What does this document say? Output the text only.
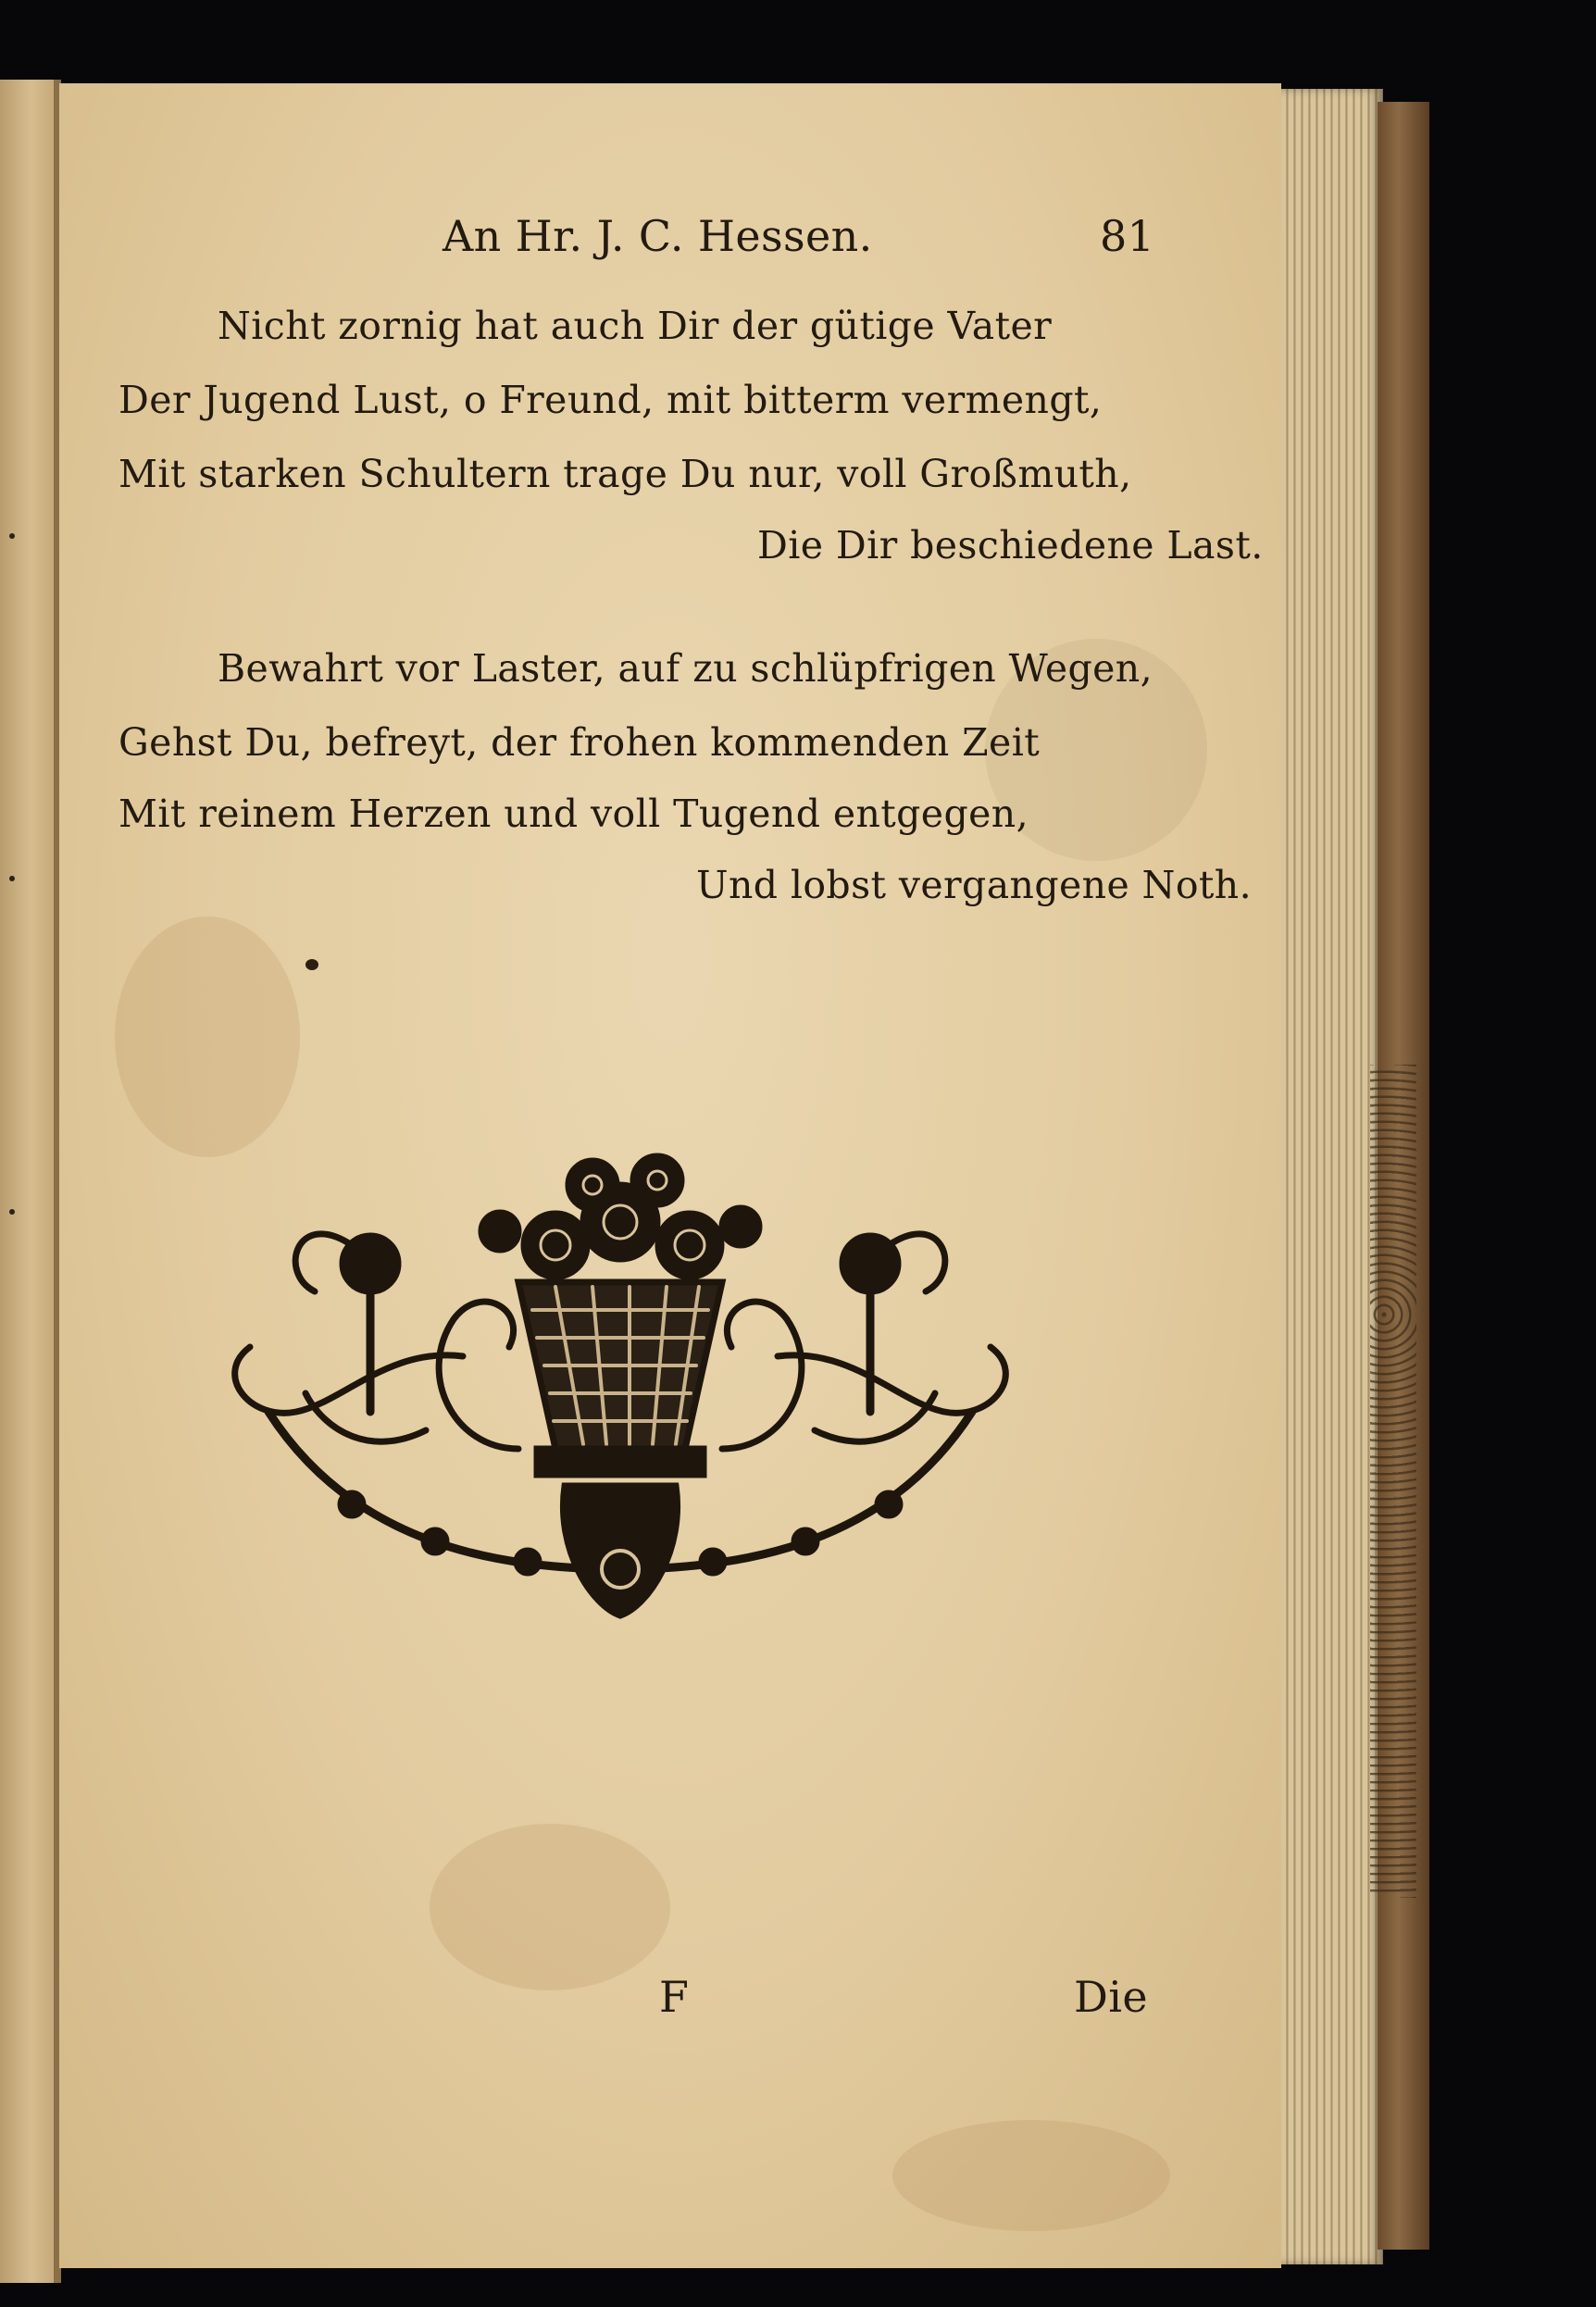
An Hr. J. C. Hessen.	81
Nicht zornig hat auch Dir der gütige Vater
Der Jugend Lust, o Freund, mit bitterm vermengt,
Mit starken Schultern trage Du nur, voll Großmuth,
Die Dir beschiedene Last.
Bewahrt vor Laster, auf zu schlüpfrigen Wegen,
Gehst Du, befreyt, der frohen kommenden Zeit
Mit reinem Herzen und voll Tugend entgegen,
Und lobst vergangene Noth.
F	Die
